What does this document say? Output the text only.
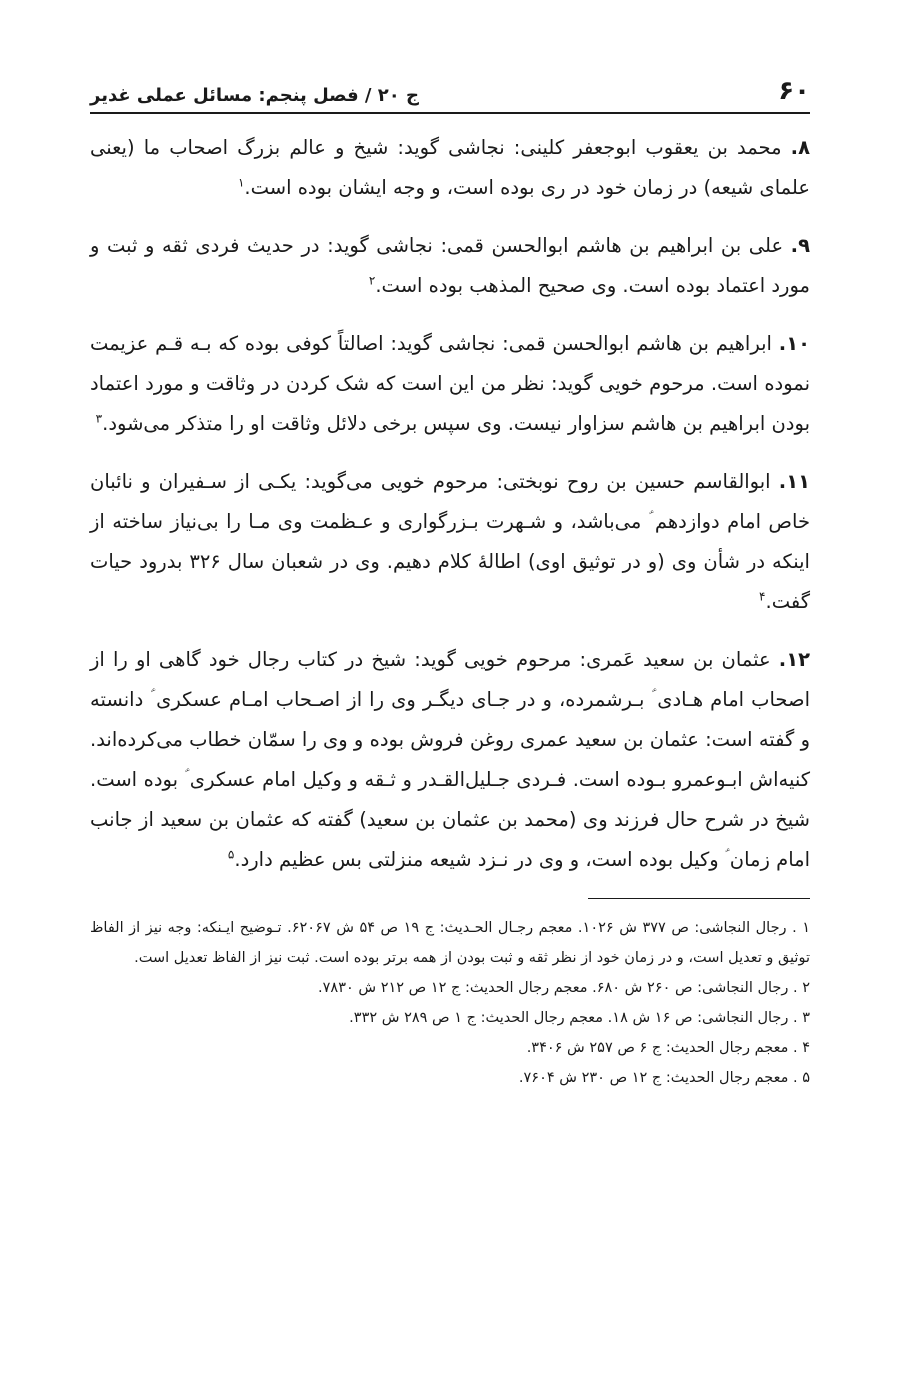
۶۰
ج ۲۰ / فصل پنجم: مسائل عملی غدیر

۸. محمد بن یعقوب ابوجعفر کلینی: نجاشی گوید: شیخ و عالم بزرگ اصحاب ما (یعنی علمای شیعه) در زمان خود در ری بوده است، و وجه ایشان بوده است.$^۱$

۹. علی بن ابراهیم بن هاشم ابوالحسن قمی: نجاشی گوید: در حدیث فردی ثقه و ثبت و مورد اعتماد بوده است. وی صحیح المذهب بوده است.$^۲$

۱۰. ابراهیم بن هاشم ابوالحسن قمی: نجاشی گوید: اصالتاً کوفی بوده که بـه قـم عزیمت نموده است. مرحوم خویی گوید: نظر من این است که شک کردن در وثاقت و مورد اعتماد بودن ابراهیم بن هاشم سزاوار نیست. وی سپس برخی دلائل وثاقت او را متذکر می‌شود.$^۳$

۱۱. ابوالقاسم حسین بن روح نوبختی: مرحوم خویی می‌گوید: یکـی از سـفیران و نائبان خاص امام دوازدهم ؑ می‌باشد، و شـهرت بـزرگواری و عـظمت وی مـا را بی‌نیاز ساخته از اینکه در شأن وی (و در توثیق اوی) اطالهٔ کلام دهیم. وی در شعبان سال ۳۲۶ بدرود حیات گفت.$^۴$

۱۲. عثمان بن سعید عَمری: مرحوم خویی گوید: شیخ در کتاب رجال خود گاهی او را از اصحاب امام هـادی ؑ بـرشمرده، و در جـای دیگـر وی را از اصـحاب امـام عسکری ؑ دانسته و گفته است: عثمان بن سعید عمری روغن فروش بوده و وی را سمّان خطاب می‌کرده‌اند. کنیه‌اش ابـوعمرو بـوده است. فـردی جـلیل‌القـدر و ثـقه و وکیل امام عسکری ؑ بوده است. شیخ در شرح حال فرزند وی (محمد بن عثمان بن سعید) گفته که عثمان بن سعید از جانب امام زمان ؑ وکیل بوده است، و وی در نـزد شیعه منزلتی بس عظیم دارد.$^۵$

۱ . رجال النجاشی: ص ۳۷۷ ش ۱۰۲۶. معجم رجـال الحـدیث: ج ۱۹ ص ۵۴ ش ۶۲۰۶۷. تـوضیح ایـنکه: وجه نیز از الفاظ توثیق و تعدیل است، و در زمان خود از نظر ثقه و ثبت بودن از همه برتر بوده است. ثبت نیز از الفاظ تعدیل است.

۲ . رجال النجاشی: ص ۲۶۰ ش ۶۸۰. معجم رجال الحدیث: ج ۱۲ ص ۲۱۲ ش ۷۸۳۰.

۳ . رجال النجاشی: ص ۱۶ ش ۱۸. معجم رجال الحدیث: ج ۱ ص ۲۸۹ ش ۳۳۲.

۴ . معجم رجال الحدیث: ج ۶ ص ۲۵۷ ش ۳۴۰۶.

۵ . معجم رجال الحدیث: ج ۱۲ ص ۲۳۰ ش ۷۶۰۴.
